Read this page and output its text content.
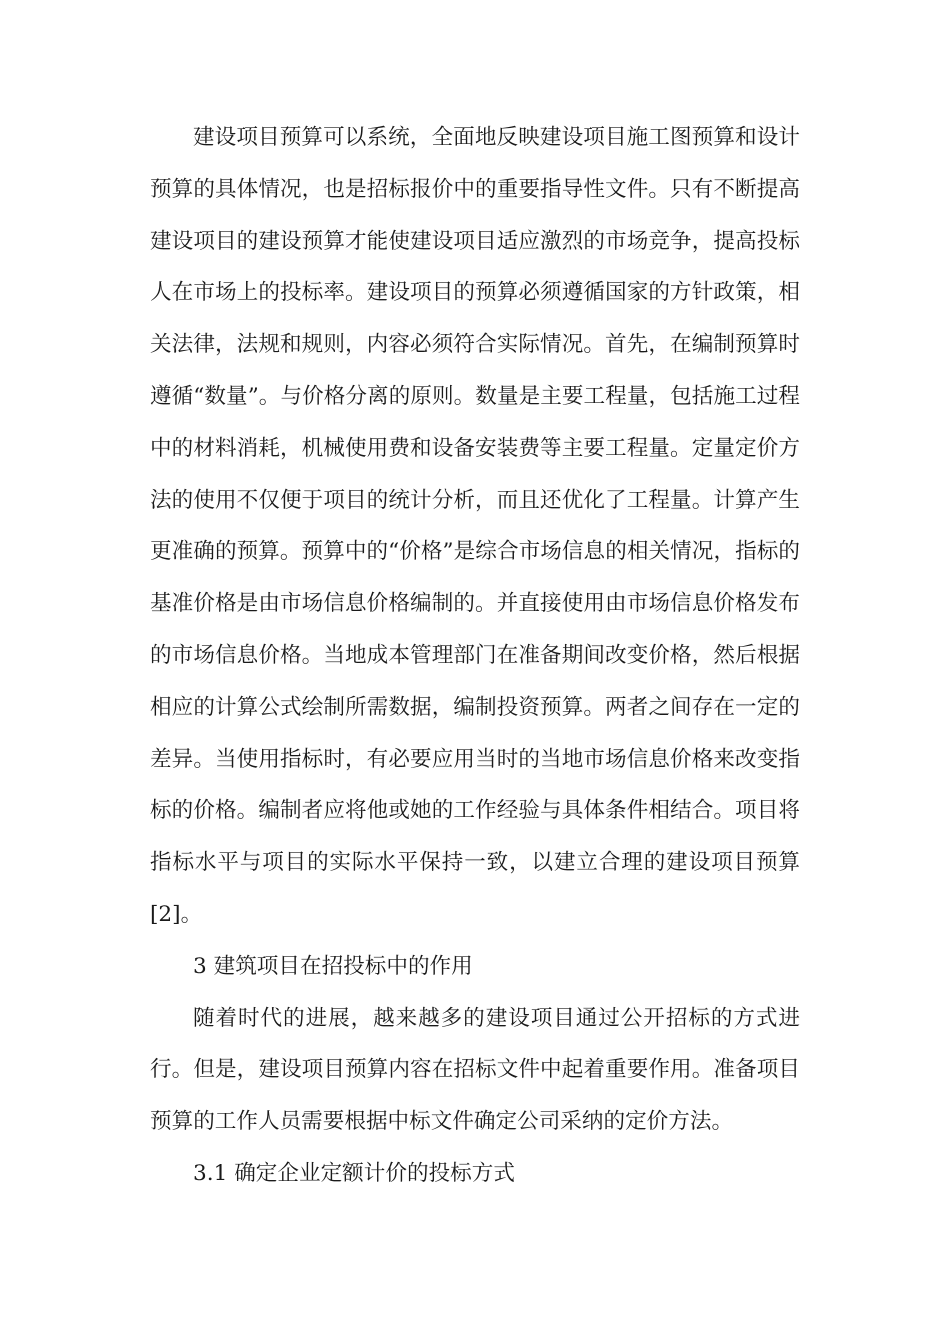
建设项目预算可以系统，全面地反映建设项目施工图预算和设计预算的具体情况，也是招标报价中的重要指导性文件。只有不断提高建设项目的建设预算才能使建设项目适应激烈的市场竞争，提高投标人在市场上的投标率。建设项目的预算必须遵循国家的方针政策，相关法律，法规和规则，内容必须符合实际情况。首先，在编制预算时遵循“数量”。与价格分离的原则。数量是主要工程量，包括施工过程中的材料消耗，机械使用费和设备安装费等主要工程量。定量定价方法的使用不仅便于项目的统计分析，而且还优化了工程量。计算产生更准确的预算。预算中的“价格”是综合市场信息的相关情况，指标的基准价格是由市场信息价格编制的。并直接使用由市场信息价格发布的市场信息价格。当地成本管理部门在准备期间改变价格，然后根据相应的计算公式绘制所需数据，编制投资预算。两者之间存在一定的差异。当使用指标时，有必要应用当时的当地市场信息价格来改变指标的价格。编制者应将他或她的工作经验与具体条件相结合。项目将指标水平与项目的实际水平保持一致，以建立合理的建设项目预算[2]。

3 建筑项目在招投标中的作用

随着时代的进展，越来越多的建设项目通过公开招标的方式进行。但是，建设项目预算内容在招标文件中起着重要作用。准备项目预算的工作人员需要根据中标文件确定公司采纳的定价方法。

3.1 确定企业定额计价的投标方式
